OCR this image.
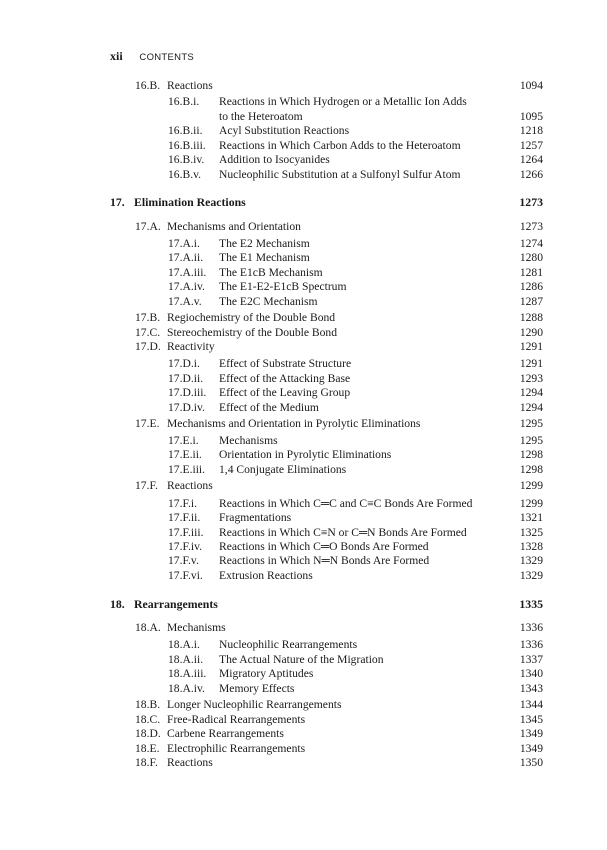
xii CONTENTS
16.B. Reactions	1094
16.B.i. Reactions in Which Hydrogen or a Metallic Ion Adds
to the Heteroatom	1095
16.B.ii. Acyl Substitution Reactions	1218
16.B.iii. Reactions in Which Carbon Adds to the Heteroatom	1257
16.B.iv. Addition to Isocyanides	1264
16.B.v. Nucleophilic Substitution at a Sulfonyl Sulfur Atom	1266
17. Elimination Reactions	1273
17.A. Mechanisms and Orientation	1273
17.A.i. The E2 Mechanism	1274
17.A.ii. The E1 Mechanism	1280
17.A.iii. The E1cB Mechanism	1281
17.A.iv. The E1-E2-E1cB Spectrum	1286
17.A.v. The E2C Mechanism	1287
17.B. Regiochemistry of the Double Bond	1288
17.C. Stereochemistry of the Double Bond	1290
17.D. Reactivity	1291
17.D.i. Effect of Substrate Structure	1291
17.D.ii. Effect of the Attacking Base	1293
17.D.iii. Effect of the Leaving Group	1294
17.D.iv. Effect of the Medium	1294
17.E. Mechanisms and Orientation in Pyrolytic Eliminations	1295
17.E.i. Mechanisms	1295
17.E.ii. Orientation in Pyrolytic Eliminations	1298
17.E.iii. 1,4 Conjugate Eliminations	1298
17.F. Reactions	1299
17.F.i. Reactions in Which C═C and C≡C Bonds Are Formed	1299
17.F.ii. Fragmentations	1321
17.F.iii. Reactions in Which C≡N or C═N Bonds Are Formed	1325
17.F.iv. Reactions in Which C═O Bonds Are Formed	1328
17.F.v. Reactions in Which N═N Bonds Are Formed	1329
17.F.vi. Extrusion Reactions	1329
18. Rearrangements	1335
18.A. Mechanisms	1336
18.A.i. Nucleophilic Rearrangements	1336
18.A.ii. The Actual Nature of the Migration	1337
18.A.iii. Migratory Aptitudes	1340
18.A.iv. Memory Effects	1343
18.B. Longer Nucleophilic Rearrangements	1344
18.C. Free-Radical Rearrangements	1345
18.D. Carbene Rearrangements	1349
18.E. Electrophilic Rearrangements	1349
18.F. Reactions	1350
